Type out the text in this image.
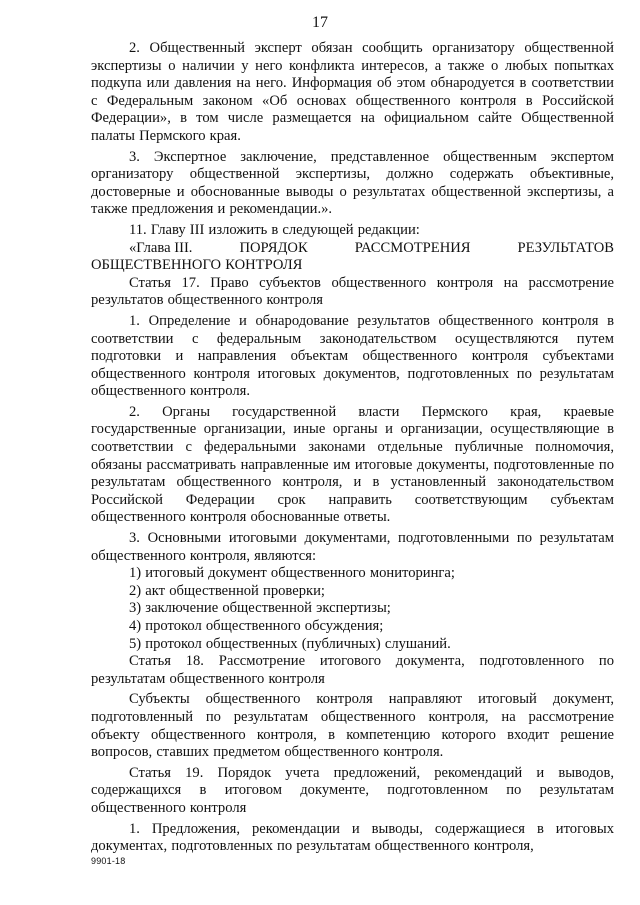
17

2. Общественный эксперт обязан сообщить организатору общественной экспертизы о наличии у него конфликта интересов, а также о любых попытках подкупа или давления на него. Информация об этом обнародуется в соответствии с Федеральным законом «Об основах общественного контроля в Российской Федерации», в том числе размещается на официальном сайте Общественной палаты Пермского края.

3. Экспертное заключение, представленное общественным экспертом организатору общественной экспертизы, должно содержать объективные, достоверные и обоснованные выводы о результатах общественной экспертизы, а также предложения и рекомендации.».

11. Главу III изложить в следующей редакции:

«Глава III.	ПОРЯДОК	РАССМОТРЕНИЯ	РЕЗУЛЬТАТОВ

ОБЩЕСТВЕННОГО КОНТРОЛЯ

Статья 17. Право субъектов общественного контроля на рассмотрение результатов общественного контроля

1. Определение и обнародование результатов общественного контроля в соответствии с федеральным законодательством осуществляются путем подготовки и направления объектам общественного контроля субъектами общественного контроля итоговых документов, подготовленных по результатам общественного контроля.

2. Органы государственной власти Пермского края, краевые государственные организации, иные органы и организации, осуществляющие в соответствии с федеральными законами отдельные публичные полномочия, обязаны рассматривать направленные им итоговые документы, подготовленные по результатам общественного контроля, и в установленный законодательством Российской Федерации срок направить соответствующим субъектам общественного контроля обоснованные ответы.

3. Основными итоговыми документами, подготовленными по результатам общественного контроля, являются:

1) итоговый документ общественного мониторинга;

2) акт общественной проверки;

3) заключение общественной экспертизы;

4) протокол общественного обсуждения;

5) протокол общественных (публичных) слушаний.

Статья 18. Рассмотрение итогового документа, подготовленного по результатам общественного контроля

Субъекты общественного контроля направляют итоговый документ, подготовленный по результатам общественного контроля, на рассмотрение объекту общественного контроля, в компетенцию которого входит решение вопросов, ставших предметом общественного контроля.

Статья 19. Порядок учета предложений, рекомендаций и выводов, содержащихся в итоговом документе, подготовленном по результатам общественного контроля

1. Предложения, рекомендации и выводы, содержащиеся в итоговых документах, подготовленных по результатам общественного контроля,

9901-18
